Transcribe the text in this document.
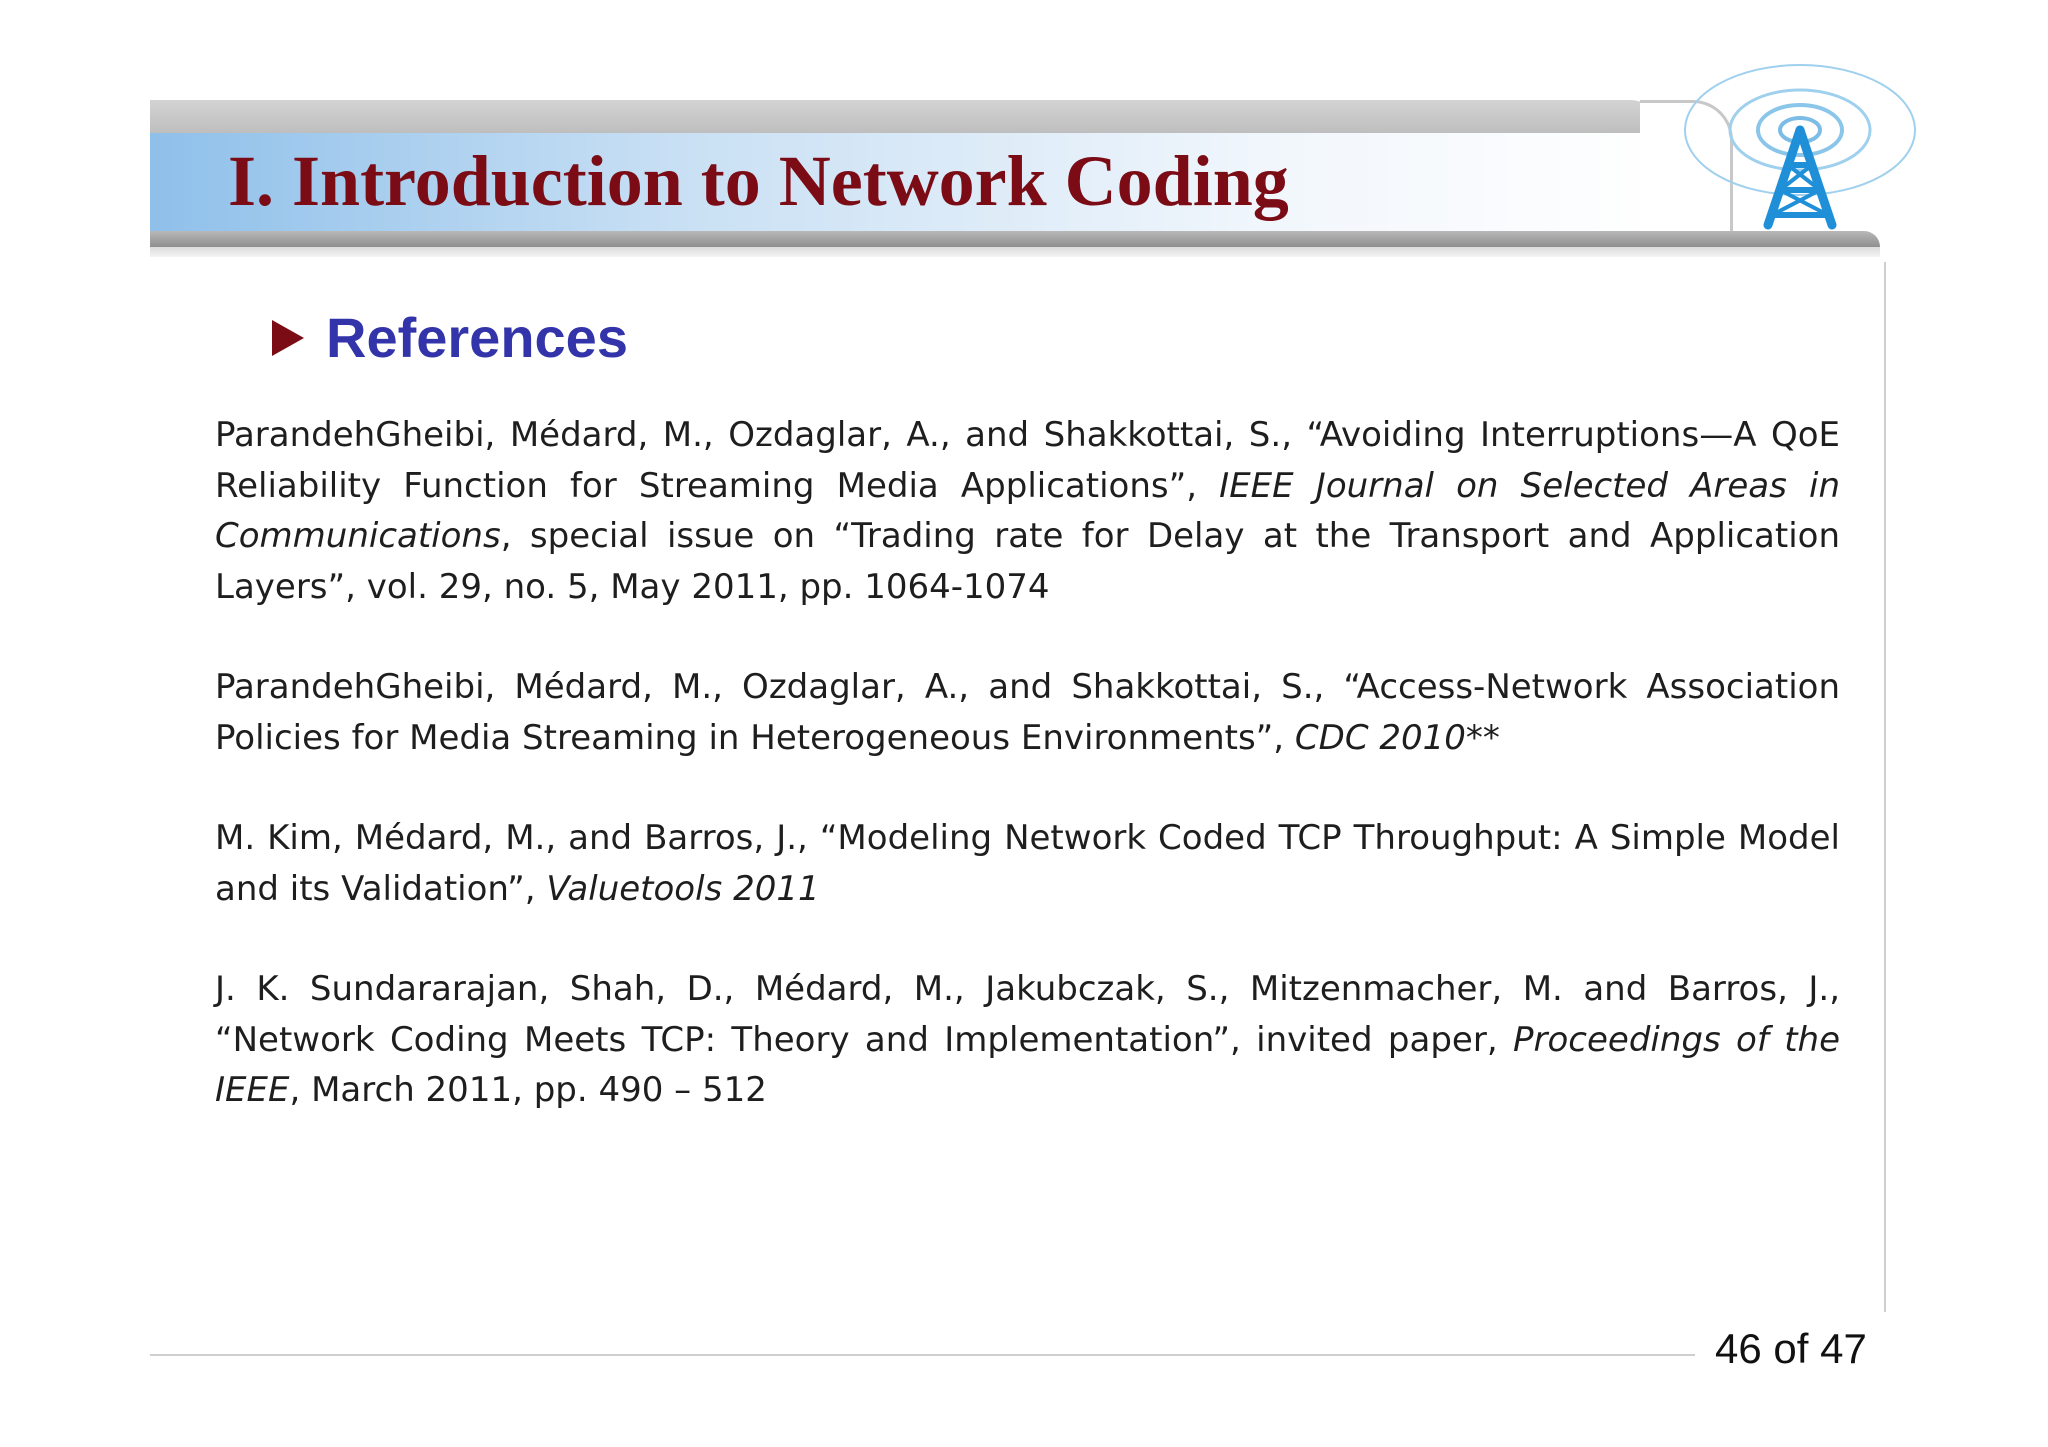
I. Introduction to Network Coding
References

ParandehGheibi, Médard, M., Ozdaglar, A., and Shakkottai, S., “Avoiding Interruptions—A QoE Reliability Function for Streaming Media Applications”, IEEE Journal on Selected Areas in Communications, special issue on “Trading rate for Delay at the Transport and Application Layers”, vol. 29, no. 5, May 2011, pp. 1064-1074

ParandehGheibi, Médard, M., Ozdaglar, A., and Shakkottai, S., “Access-Network Association Policies for Media Streaming in Heterogeneous Environments”, CDC 2010**

M. Kim, Médard, M., and Barros, J., “Modeling Network Coded TCP Throughput: A Simple Model and its Validation”, Valuetools 2011

J. K. Sundararajan, Shah, D., Médard, M., Jakubczak, S., Mitzenmacher, M. and Barros, J., “Network Coding Meets TCP: Theory and Implementation”, invited paper, Proceedings of the IEEE, March 2011, pp. 490 – 512

46 of 47
